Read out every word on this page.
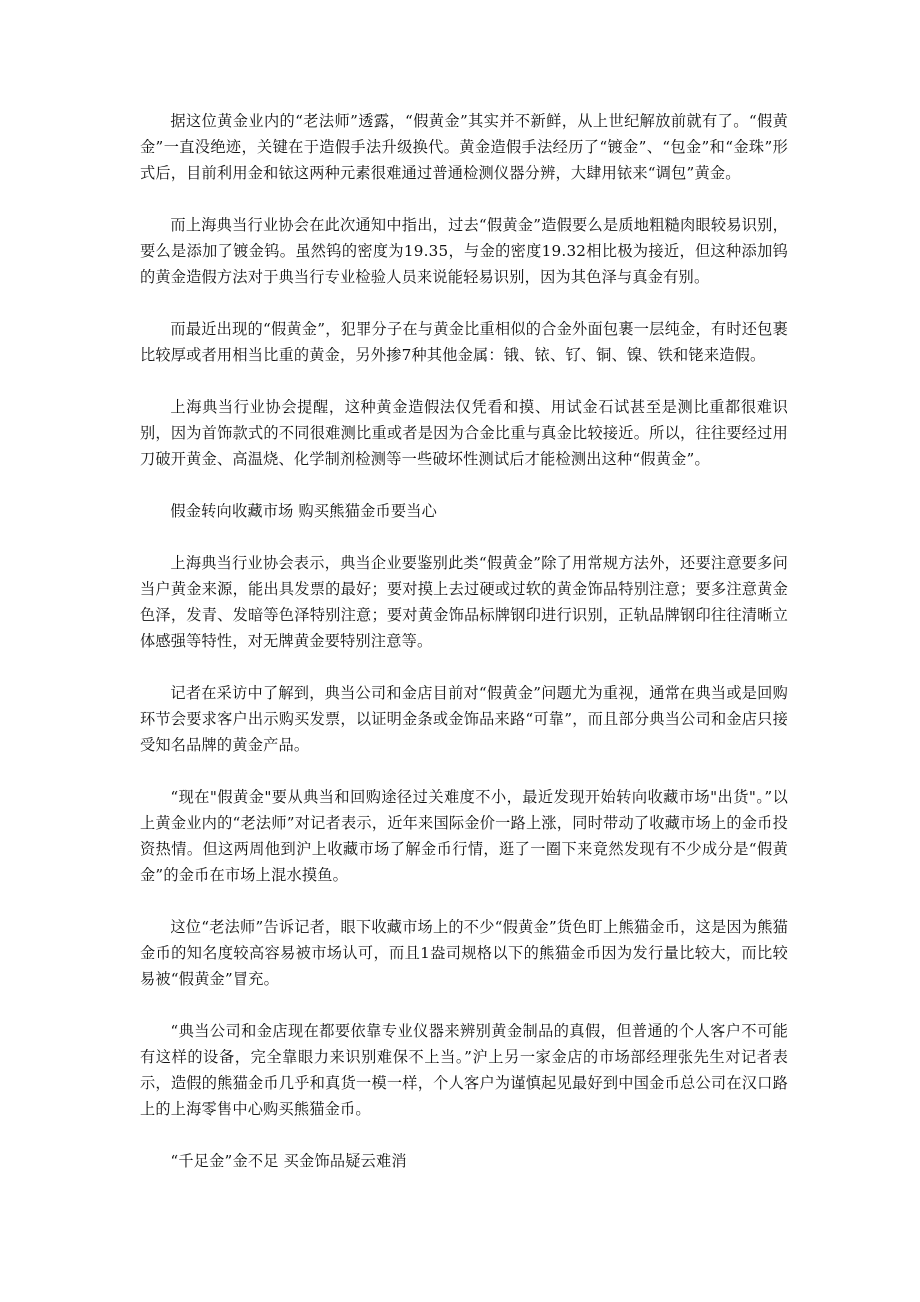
据这位黄金业内的“老法师”透露，“假黄金”其实并不新鲜，从上世纪解放前就有了。“假黄金”一直没绝迹，关键在于造假手法升级换代。黄金造假手法经历了“镀金”、“包金”和“金珠”形式后，目前利用金和铱这两种元素很难通过普通检测仪器分辨，大肆用铱来“调包”黄金。

而上海典当行业协会在此次通知中指出，过去“假黄金”造假要么是质地粗糙肉眼较易识别，要么是添加了镀金钨。虽然钨的密度为19.35，与金的密度19.32相比极为接近，但这种添加钨的黄金造假方法对于典当行专业检验人员来说能轻易识别，因为其色泽与真金有别。

而最近出现的“假黄金”，犯罪分子在与黄金比重相似的合金外面包裹一层纯金，有时还包裹比较厚或者用相当比重的黄金，另外掺7种其他金属：锇、铱、钌、铜、镍、铁和铑来造假。

上海典当行业协会提醒，这种黄金造假法仅凭看和摸、用试金石试甚至是测比重都很难识别，因为首饰款式的不同很难测比重或者是因为合金比重与真金比较接近。所以，往往要经过用刀破开黄金、高温烧、化学制剂检测等一些破坏性测试后才能检测出这种“假黄金”。

假金转向收藏市场 购买熊猫金币要当心

上海典当行业协会表示，典当企业要鉴别此类“假黄金”除了用常规方法外，还要注意要多问当户黄金来源，能出具发票的最好；要对摸上去过硬或过软的黄金饰品特别注意；要多注意黄金色泽，发青、发暗等色泽特别注意；要对黄金饰品标牌钢印进行识别，正轨品牌钢印往往清晰立体感强等特性，对无牌黄金要特别注意等。

记者在采访中了解到，典当公司和金店目前对“假黄金”问题尤为重视，通常在典当或是回购环节会要求客户出示购买发票，以证明金条或金饰品来路“可靠”，而且部分典当公司和金店只接受知名品牌的黄金产品。

“现在"假黄金"要从典当和回购途径过关难度不小，最近发现开始转向收藏市场"出货"。”以上黄金业内的“老法师”对记者表示，近年来国际金价一路上涨，同时带动了收藏市场上的金币投资热情。但这两周他到沪上收藏市场了解金币行情，逛了一圈下来竟然发现有不少成分是“假黄金”的金币在市场上混水摸鱼。

这位“老法师”告诉记者，眼下收藏市场上的不少“假黄金”货色盯上熊猫金币，这是因为熊猫金币的知名度较高容易被市场认可，而且1盎司规格以下的熊猫金币因为发行量比较大，而比较易被“假黄金”冒充。

“典当公司和金店现在都要依靠专业仪器来辨别黄金制品的真假，但普通的个人客户不可能有这样的设备，完全靠眼力来识别难保不上当。”沪上另一家金店的市场部经理张先生对记者表示，造假的熊猫金币几乎和真货一模一样，个人客户为谨慎起见最好到中国金币总公司在汉口路上的上海零售中心购买熊猫金币。

“千足金”金不足 买金饰品疑云难消
